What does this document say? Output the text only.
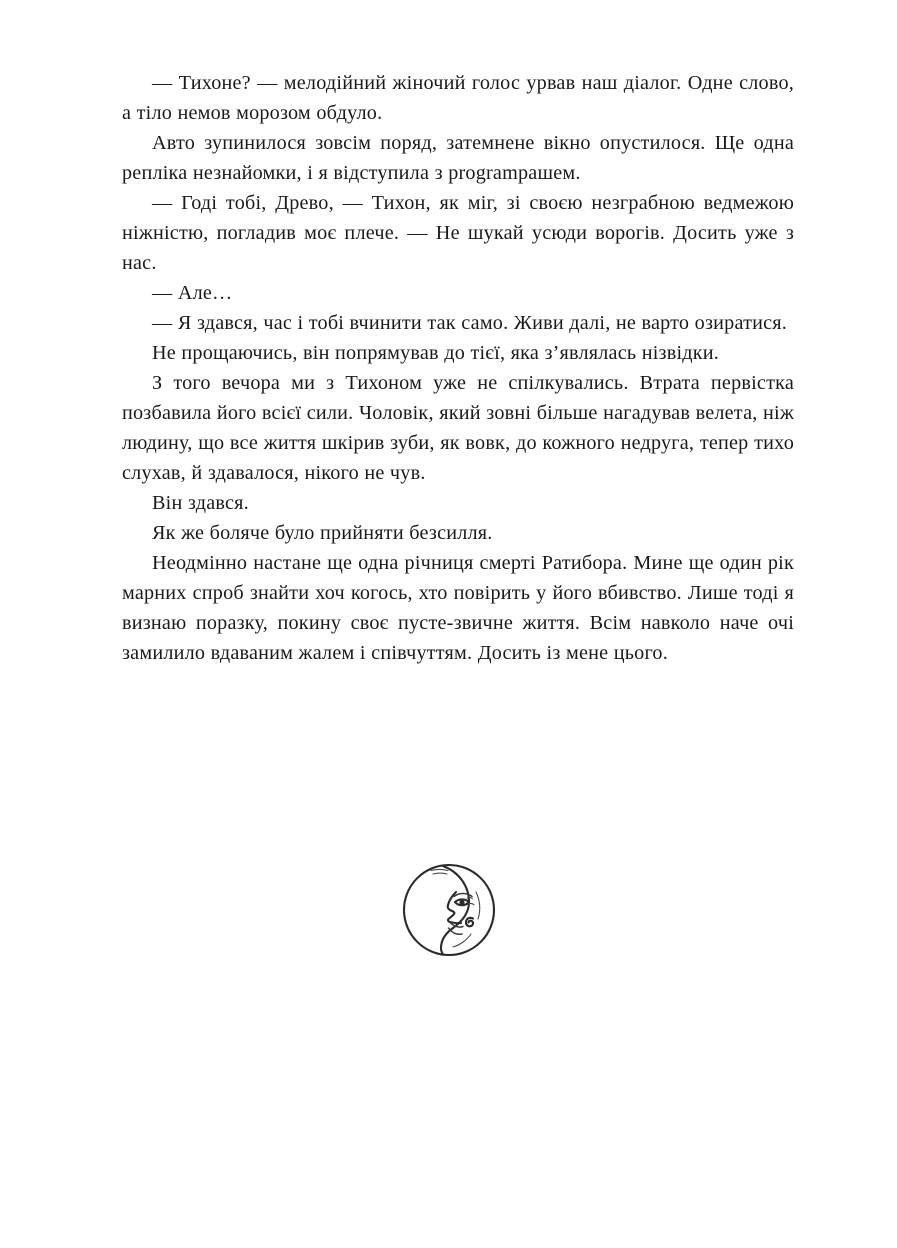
— Тихоне? — мелодійний жіночий голос урвав наш діалог. Одне слово, а тіло немов морозом обдуло.

Авто зупинилося зовсім поряд, затемнене вікно опустилося. Ще одна репліка незнайомки, і я відступила з programрашем.

— Годі тобі, Древо, — Тихон, як міг, зі своєю незграбною ведмежою ніжністю, погладив моє плече. — Не шукай усюди ворогів. Досить уже з нас.

— Але…

— Я здався, час і тобі вчинити так само. Живи далі, не варто озиратися.

Не прощаючись, він попрямував до тієї, яка з’являлась нізвідки.

З того вечора ми з Тихоном уже не спілкувались. Втрата первістка позбавила його всієї сили. Чоловік, який зовні більше нагадував велета, ніж людину, що все життя шкірив зуби, як вовк, до кожного недруга, тепер тихо слухав, й здавалося, нікого не чув.

Він здався.

Як же боляче було прийняти безсилля.

Неодмінно настане ще одна річниця смерті Ратибора. Мине ще один рік марних спроб знайти хоч когось, хто повірить у його вбивство. Лише тоді я визнаю поразку, покину своє пусте-звичне життя. Всім навколо наче очі замилило вдаваним жалем і співчуттям. Досить із мене цього.
